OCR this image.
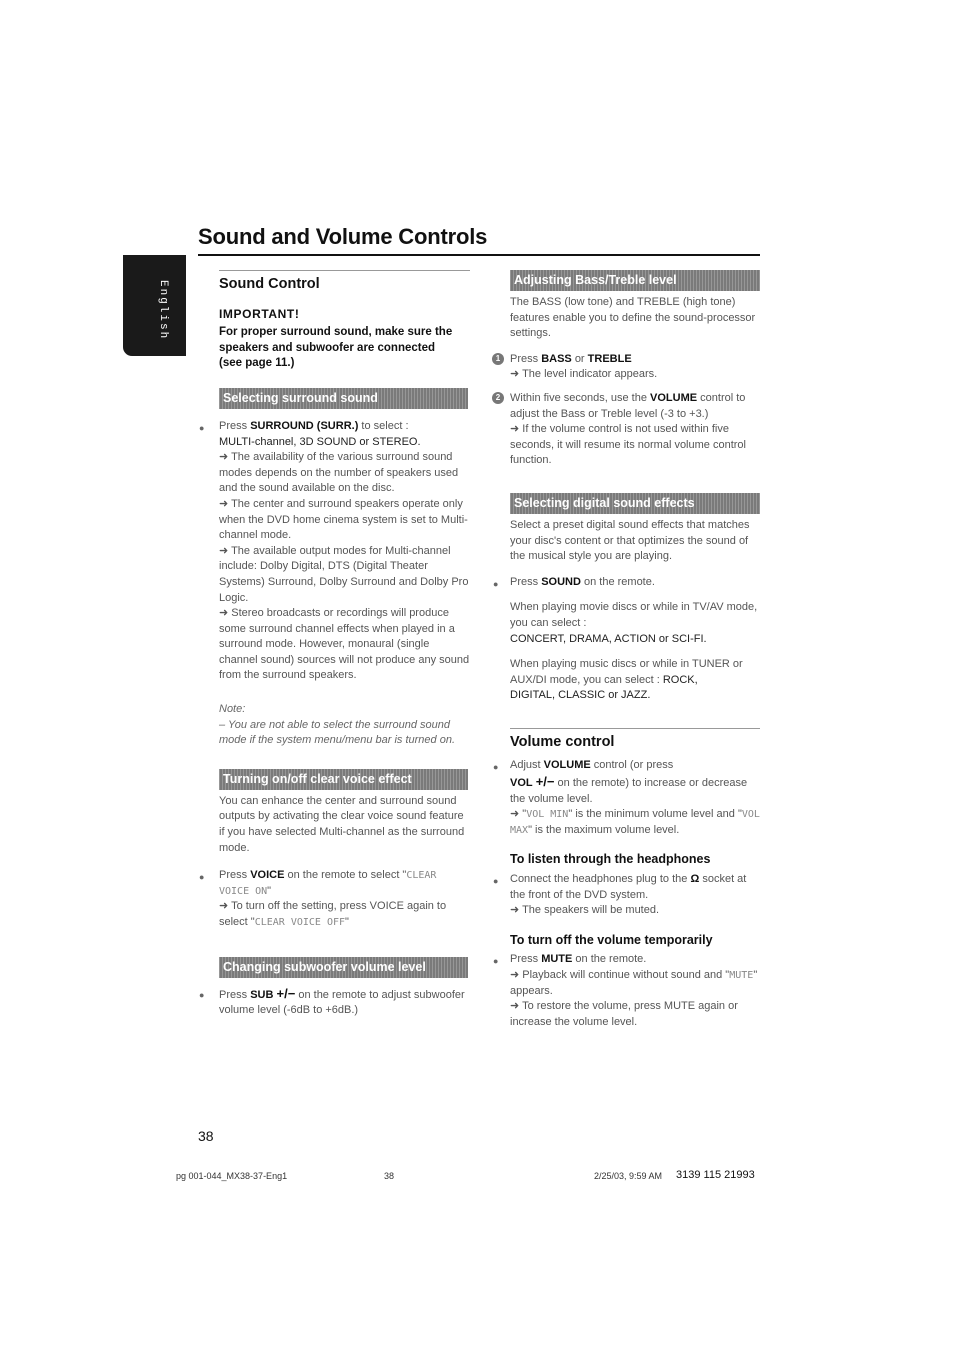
Sound and Volume Controls
English	Sound Control
IMPORTANT!
For proper surround sound, make sure the speakers and subwoofer are connected (see page 11.)
Selecting surround sound
● Press SURROUND (SURR.) to select :
MULTI-channel, 3D SOUND or STEREO.
➜ The availability of the various surround sound modes depends on the number of speakers used and the sound available on the disc.
➜ The center and surround speakers operate only when the DVD home cinema system is set to Multi-channel mode.
➜ The available output modes for Multi-channel include: Dolby Digital, DTS (Digital Theater Systems) Surround, Dolby Surround and Dolby Pro Logic.
➜ Stereo broadcasts or recordings will produce some surround channel effects when played in a surround mode. However, monaural (single channel sound) sources will not produce any sound from the surround speakers.
Note:
– You are not able to select the surround sound mode if the system menu/menu bar is turned on.
Turning on/off clear voice effect
You can enhance the center and surround sound outputs by activating the clear voice sound feature if you have selected Multi-channel as the surround mode.
● Press VOICE on the remote to select "CLEAR VOICE ON"
➜ To turn off the setting, press VOICE again to select "CLEAR VOICE OFF"
Changing subwoofer volume level
● Press SUB +/− on the remote to adjust subwoofer volume level (-6dB to +6dB.)
Adjusting Bass/Treble level
The BASS (low tone) and TREBLE (high tone) features enable you to define the sound-processor settings.
1 Press BASS or TREBLE
➜ The level indicator appears.
2 Within five seconds, use the VOLUME control to adjust the Bass or Treble level (-3 to +3.)
➜ If the volume control is not used within five seconds, it will resume its normal volume control function.
Selecting digital sound effects
Select a preset digital sound effects that matches your disc's content or that optimizes the sound of the musical style you are playing.
● Press SOUND on the remote.
When playing movie discs or while in TV/AV mode, you can select :
CONCERT, DRAMA, ACTION or SCI-FI.
When playing music discs or while in TUNER or AUX/DI mode, you can select : ROCK,
DIGITAL, CLASSIC or JAZZ.
Volume control
● Adjust VOLUME control (or press
VOL +/− on the remote) to increase or decrease the volume level.
➜ "VOL MIN" is the minimum volume level and "VOL MAX" is the maximum volume level.
To listen through the headphones
● Connect the headphones plug to the Ω socket at the front of the DVD system.
➜ The speakers will be muted.
To turn off the volume temporarily
● Press MUTE on the remote.
➜ Playback will continue without sound and "MUTE" appears.
➜ To restore the volume, press MUTE again or increase the volume level.
38
pg 001-044_MX38-37-Eng1	38	2/25/03, 9:59 AM 3139 115 21993
